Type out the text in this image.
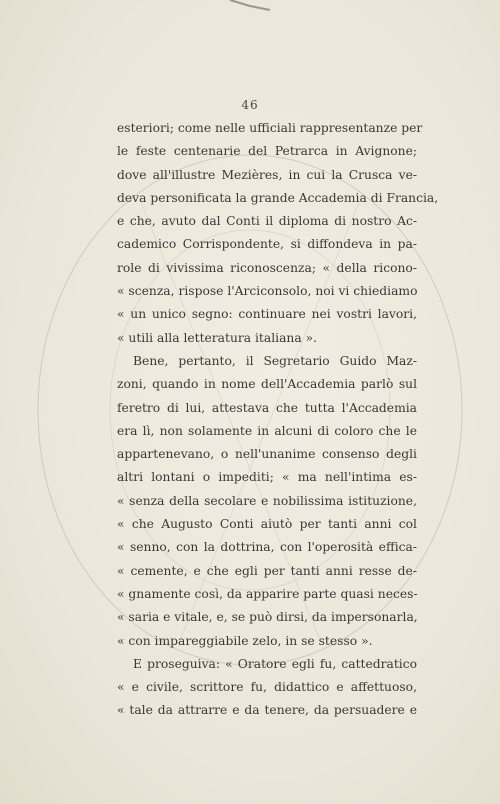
46
esteriori; come nelle ufficiali rappresentanze per
le feste centenarie del Petrarca in Avignone;
dove all'illustre Mezières, in cui la Crusca ve-
deva personificata la grande Accademia di Francia,
e che, avuto dal Conti il diploma di nostro Ac-
cademico Corrispondente, si diffondeva in pa-
role di vivissima riconoscenza; « della ricono-
« scenza, rispose l'Arciconsolo, noi vi chiediamo
« un unico segno: continuare nei vostri lavori,
« utili alla letteratura italiana ».
Bene, pertanto, il Segretario Guido Maz-
zoni, quando in nome dell'Accademia parlò sul
feretro di lui, attestava che tutta l'Accademia
era lì, non solamente in alcuni di coloro che le
appartenevano, o nell'unanime consenso degli
altri lontani o impediti; « ma nell'intima es-
« senza della secolare e nobilissima istituzione,
« che Augusto Conti aiutò per tanti anni col
« senno, con la dottrina, con l'operosità effica-
« cemente, e che egli per tanti anni resse de-
« gnamente così, da apparire parte quasi neces-
« saria e vitale, e, se può dirsi, da impersonarla,
« con impareggiabile zelo, in se stesso ».
E proseguiva: « Oratore egli fu, cattedratico
« e civile, scrittore fu, didattico e affettuoso,
« tale da attrarre e da tenere, da persuadere e
